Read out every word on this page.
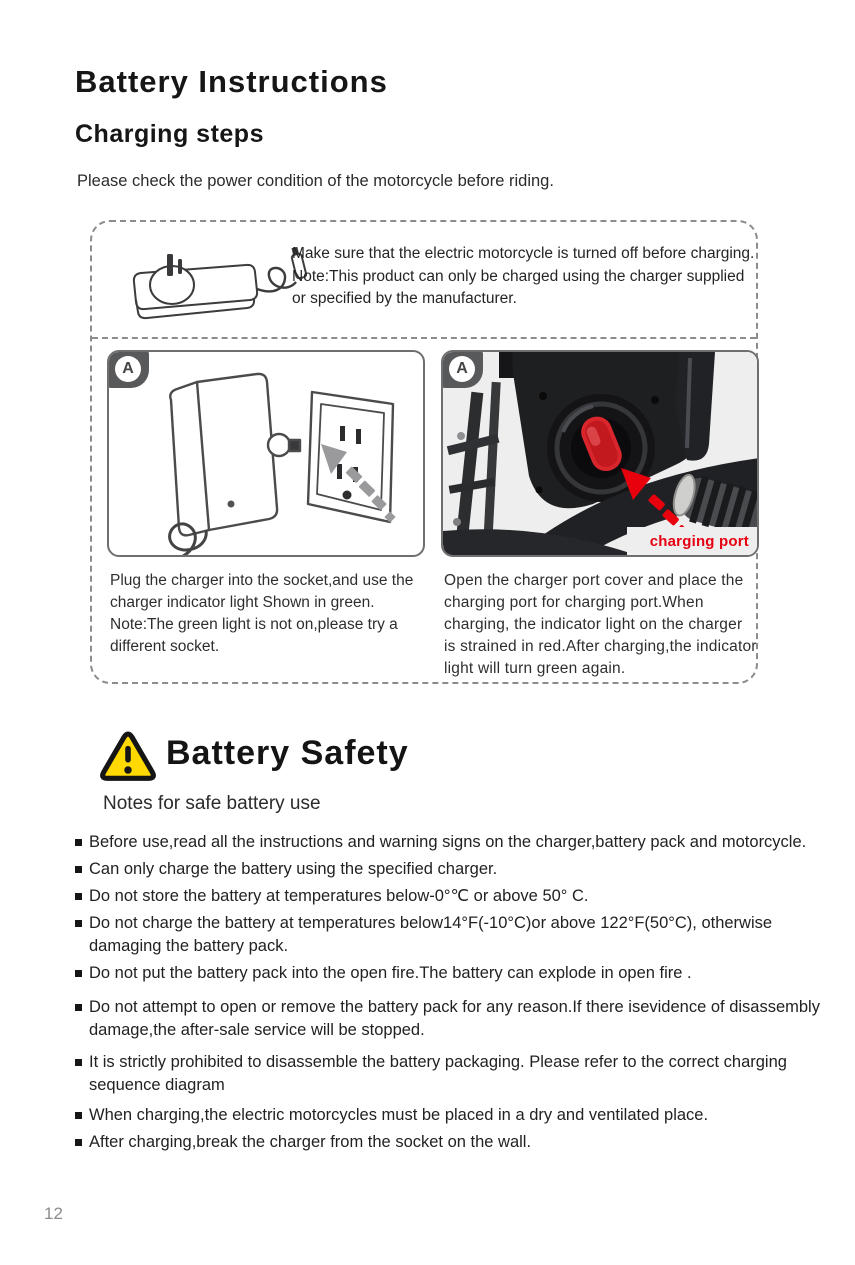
Battery Instructions
Charging steps

Please check the power condition of the motorcycle before riding.

Make sure that the electric motorcycle is turned off before charging.

Note:This product can only be charged using the charger supplied or specified by the manufacturer.

A	A
charging port

Plug the charger into the socket,and use the charger indicator light Shown in green.

Note:The green light is not on,please try a different socket.

Open the charger port cover and place the charging port for charging port.When charging, the indicator light on the charger is strained in red.After charging,the indicator light will turn green again.

Battery Safety

Notes for safe battery use

Before use,read all the instructions and warning signs on the charger,battery pack and motorcycle.
Can only charge the battery using the specified charger.
Do not store the battery at temperatures below-0°℃ or above 50° C.
Do not charge the battery at temperatures below14°F(-10°C)or above 122°F(50°C), otherwise damaging the battery pack.
Do not put the battery pack into the open fire.The battery can explode in open fire .
Do not attempt to open or remove the battery pack for any reason.If there isevidence of disassembly damage,the after-sale service will be stopped.
It is strictly prohibited to disassemble the battery packaging. Please refer to the correct charging sequence diagram
When charging,the electric motorcycles must be placed in a dry and ventilated place.
After charging,break the charger from the socket on the wall.
12
